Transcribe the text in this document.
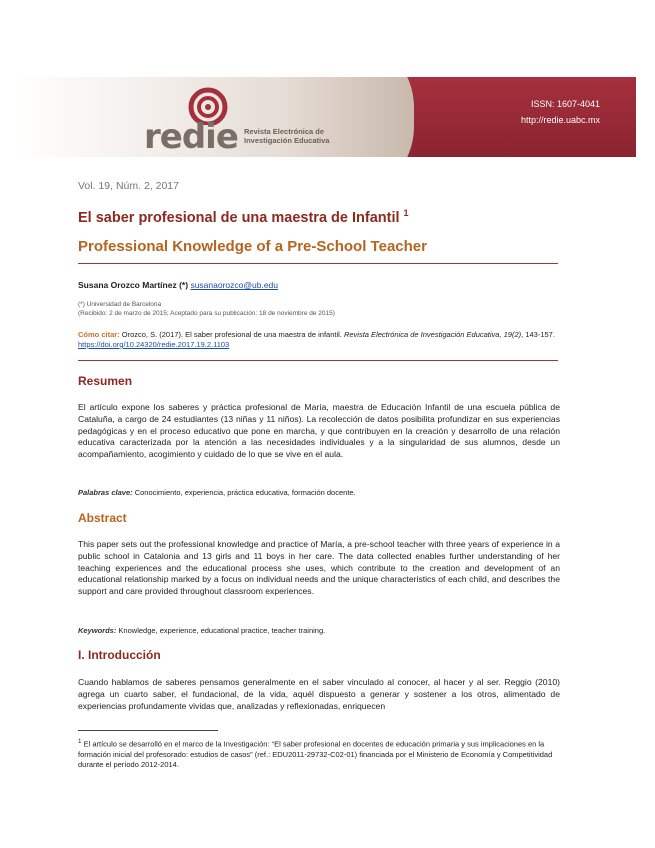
redie Revista Electrónica de
Investigación Educativa
ISSN: 1607-4041
http://redie.uabc.mx
Vol. 19, Núm. 2, 2017
El saber profesional de una maestra de Infantil $^1$
Professional Knowledge of a Pre-School Teacher
Susana Orozco Martínez (*) susanaorozco@ub.edu
(*) Universidad de Barcelona
(Recibido: 2 de marzo de 2015; Aceptado para su publicación: 18 de noviembre de 2015)
Cómo citar: Orozco, S. (2017). El saber profesional de una maestra de infantil. Revista Electrónica de Investigación Educativa, 19(2), 143-157. https://doi.org/10.24320/redie.2017.19.2.1103
Resumen
El artículo expone los saberes y práctica profesional de María, maestra de Educación Infantil de una escuela pública de Cataluña, a cargo de 24 estudiantes (13 niñas y 11 niños). La recolección de datos posibilita profundizar en sus experiencias pedagógicas y en el proceso educativo que pone en marcha, y que contribuyen en la creación y desarrollo de una relación educativa caracterizada por la atención a las necesidades individuales y a la singularidad de sus alumnos, desde un acompañamiento, acogimiento y cuidado de lo que se vive en el aula.
Palabras clave: Conocimiento, experiencia, práctica educativa, formación docente.
Abstract
This paper sets out the professional knowledge and practice of María, a pre-school teacher with three years of experience in a public school in Catalonia and 13 girls and 11 boys in her care. The data collected enables further understanding of her teaching experiences and the educational process she uses, which contribute to the creation and development of an educational relationship marked by a focus on individual needs and the unique characteristics of each child, and describes the support and care provided throughout classroom experiences.
Keywords: Knowledge, experience, educational practice, teacher training.
I. Introducción
Cuando hablamos de saberes pensamos generalmente en el saber vinculado al conocer, al hacer y al ser. Reggio (2010) agrega un cuarto saber, el fundacional, de la vida, aquél dispuesto a generar y sostener a los otros, alimentado de experiencias profundamente vividas que, analizadas y reflexionadas, enriquecen
$^1$ El artículo se desarrolló en el marco de la Investigación: “El saber profesional en docentes de educación primaria y sus implicaciones en la formación inicial del profesorado: estudios de casos” (ref.: EDU2011-29732-C02-01) financiada por el Ministerio de Economía y Competitividad durante el período 2012-2014.
